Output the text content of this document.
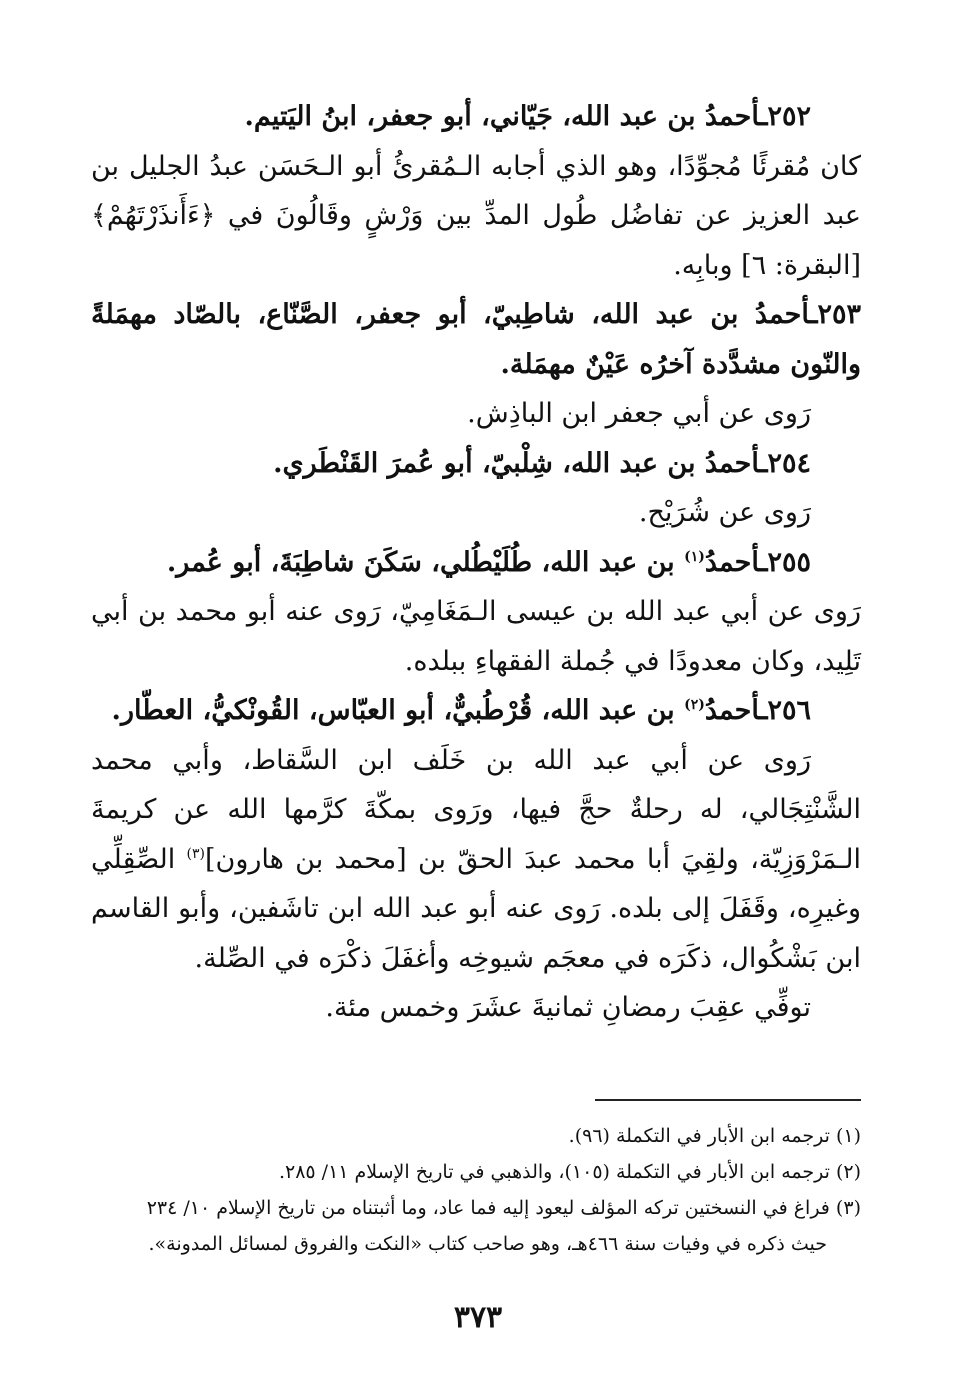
٢٥٢ـأحمدُ بن عبد الله، جَيّاني، أبو جعفر، ابنُ اليَتيم.

كان مُقرئًا مُجوِّدًا، وهو الذي أجابه الـمُقرئُ أبو الـحَسَن عبدُ الجليل بن عبد العزيز عن تفاضُل طُول المدِّ بين وَرْشٍ وقَالُونَ في ﴿ءَأَنذَرْتَهُمْ﴾ [البقرة: ٦] وبابِه.

٢٥٣ـأحمدُ بن عبد الله، شاطِبيّ، أبو جعفر، الصَّنّاع، بالصّاد مهمَلةً والنّون مشدَّدة آخرُه عَيْنٌ مهمَلة.

رَوى عن أبي جعفر ابن الباذِش.

٢٥٤ـأحمدُ بن عبد الله، شِلْبيّ، أبو عُمرَ القَنْطَري.

رَوى عن شُرَيْح.

٢٥٥ـأحمدُ$^{(١)}$ بن عبد الله، طُلَيْطُلي، سَكَنَ شاطِبَةَ، أبو عُمر.

رَوى عن أبي عبد الله بن عيسى الـمَغَامِيّ، رَوى عنه أبو محمد بن أبي تَلِيد، وكان معدودًا في جُملة الفقهاءِ ببلده.

٢٥٦ـأحمدُ$^{(٢)}$ بن عبد الله، قُرْطُبيٌّ، أبو العبّاس، القُونْكيُّ، العطّار.

رَوى عن أبي عبد الله بن خَلَف ابن السَّقاط، وأبي محمد الشَّنْتِجَالي، له رحلةٌ حجَّ فيها، ورَوى بمكّةَ كرَّمها الله عن كريمةَ الـمَرْوَزِيّة، ولقِيَ أبا محمد عبدَ الحقّ بن [محمد بن هارون]$^{(٣)}$ الصِّقِلِّي وغيرِه، وقَفَلَ إلى بلده. رَوى عنه أبو عبد الله ابن تاشَفين، وأبو القاسم ابن بَشْكُوال، ذكَرَه في معجَم شيوخِه وأغفَلَ ذكْرَه في الصِّلة.

توفِّي عقِبَ رمضانِ ثمانيةَ عشَرَ وخمس مئة.

(١) ترجمه ابن الأبار في التكملة (٩٦).

(٢) ترجمه ابن الأبار في التكملة (١٠٥)، والذهبي في تاريخ الإسلام ١١/ ٢٨٥.

(٣) فراغ في النسختين تركه المؤلف ليعود إليه فما عاد، وما أثبتناه من تاريخ الإسلام ١٠/ ٢٣٤

حيث ذكره في وفيات سنة ٤٦٦هـ، وهو صاحب كتاب «النكت والفروق لمسائل المدونة».

٣٧٣
